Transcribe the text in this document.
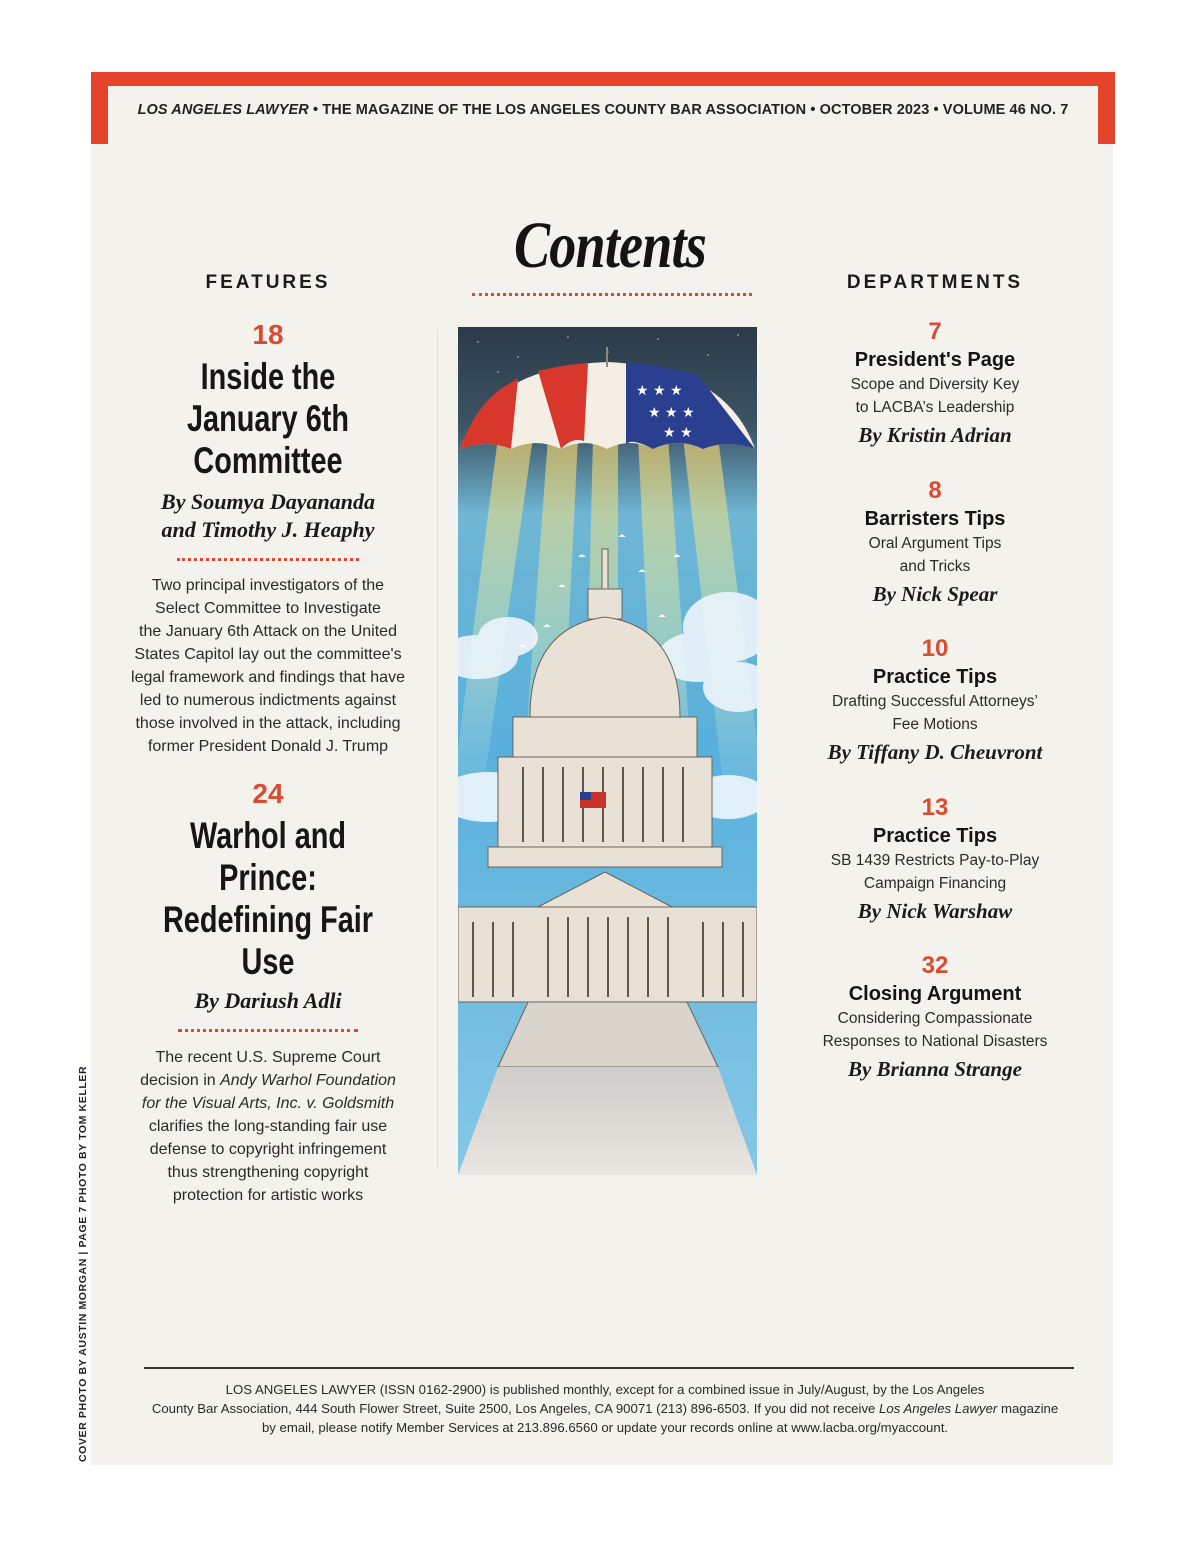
LOS ANGELES LAWYER • THE MAGAZINE OF THE LOS ANGELES COUNTY BAR ASSOCIATION • OCTOBER 2023 • VOLUME 46 NO. 7
Contents
FEATURES	DEPARTMENTS
18
Inside the
January 6th
Committee
By Soumya Dayananda
and Timothy J. Heaphy
Two principal investigators of the
Select Committee to Investigate
the January 6th Attack on the United
States Capitol lay out the committee's
legal framework and findings that have
led to numerous indictments against
those involved in the attack, including
former President Donald J. Trump
24
Warhol and Prince:
Redefining Fair Use
By Dariush Adli
The recent U.S. Supreme Court
decision in Andy Warhol Foundation
for the Visual Arts, Inc. v. Goldsmith
clarifies the long-standing fair use
defense to copyright infringement
thus strengthening copyright
protection for artistic works
★ ★ ★
★ ★ ★
★ ★
7
President's Page
Scope and Diversity Key
to LACBA’s Leadership
By Kristin Adrian
8
Barristers Tips
Oral Argument Tips
and Tricks
By Nick Spear
10
Practice Tips
Drafting Successful Attorneys’
Fee Motions
By Tiffany D. Cheuvront
13
Practice Tips
SB 1439 Restricts Pay-to-Play
Campaign Financing
By Nick Warshaw
32
Closing Argument
Considering Compassionate
Responses to National Disasters
By Brianna Strange
LOS ANGELES LAWYER (ISSN 0162-2900) is published monthly, except for a combined issue in July/August, by the Los Angeles
County Bar Association, 444 South Flower Street, Suite 2500, Los Angeles, CA 90071 (213) 896-6503. If you did not receive Los Angeles Lawyer magazine
by email, please notify Member Services at 213.896.6560 or update your records online at www.lacba.org/myaccount.
COVER PHOTO BY AUSTIN MORGAN | PAGE 7 PHOTO BY TOM KELLER
